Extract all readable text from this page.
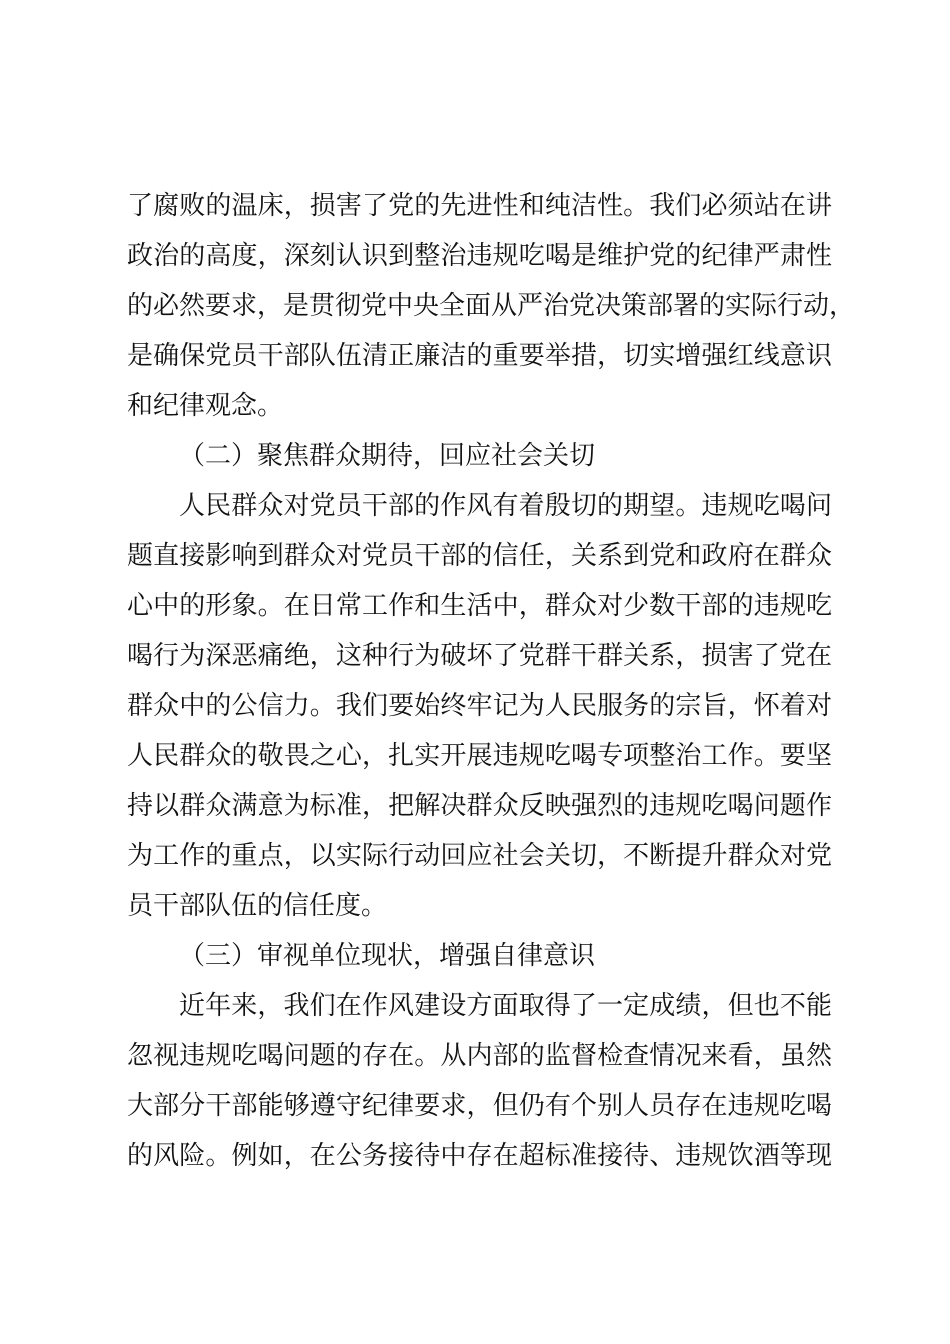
了腐败的温床，损害了党的先进性和纯洁性。我们必须站在讲
政治的高度，深刻认识到整治违规吃喝是维护党的纪律严肃性
的必然要求，是贯彻党中央全面从严治党决策部署的实际行动，
是确保党员干部队伍清正廉洁的重要举措，切实增强红线意识
和纪律观念。
（二）聚焦群众期待，回应社会关切
人民群众对党员干部的作风有着殷切的期望。违规吃喝问
题直接影响到群众对党员干部的信任，关系到党和政府在群众
心中的形象。在日常工作和生活中，群众对少数干部的违规吃
喝行为深恶痛绝，这种行为破坏了党群干群关系，损害了党在
群众中的公信力。我们要始终牢记为人民服务的宗旨，怀着对
人民群众的敬畏之心，扎实开展违规吃喝专项整治工作。要坚
持以群众满意为标准，把解决群众反映强烈的违规吃喝问题作
为工作的重点，以实际行动回应社会关切，不断提升群众对党
员干部队伍的信任度。
（三）审视单位现状，增强自律意识
近年来，我们在作风建设方面取得了一定成绩，但也不能
忽视违规吃喝问题的存在。从内部的监督检查情况来看，虽然
大部分干部能够遵守纪律要求，但仍有个别人员存在违规吃喝
的风险。例如，在公务接待中存在超标准接待、违规饮酒等现
